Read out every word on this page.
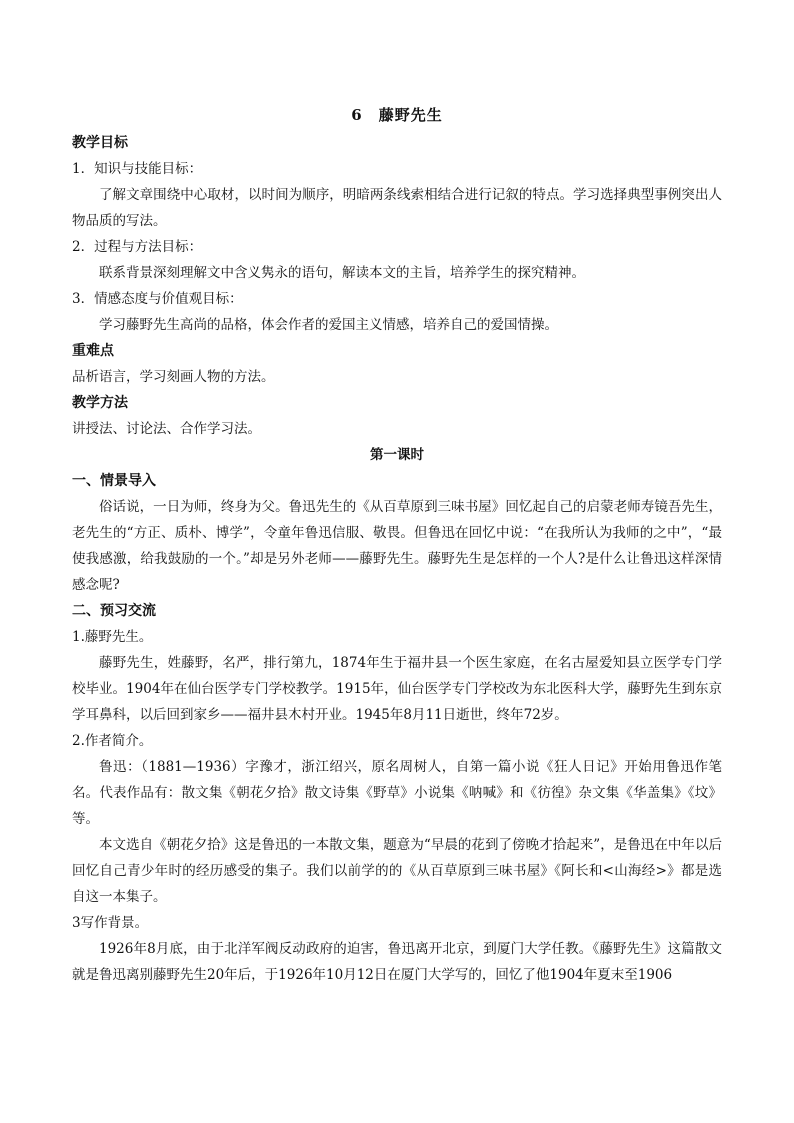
6　藤野先生
教学目标
1．知识与技能目标：

了解文章围绕中心取材，以时间为顺序，明暗两条线索相结合进行记叙的特点。学习选择典型事例突出人物品质的写法。

2．过程与方法目标：

联系背景深刻理解文中含义隽永的语句，解读本文的主旨，培养学生的探究精神。

3．情感态度与价值观目标：

学习藤野先生高尚的品格，体会作者的爱国主义情感，培养自己的爱国情操。

重难点

品析语言，学习刻画人物的方法。

教学方法

讲授法、讨论法、合作学习法。

第一课时
一、情景导入

俗话说，一日为师，终身为父。鲁迅先生的《从百草原到三味书屋》回忆起自己的启蒙老师寿镜吾先生，老先生的“方正、质朴、博学”，令童年鲁迅信服、敬畏。但鲁迅在回忆中说：“在我所认为我师的之中”，“最使我感激，给我鼓励的一个。”却是另外老师——藤野先生。藤野先生是怎样的一个人?是什么让鲁迅这样深情感念呢?

二、预习交流
1.藤野先生。

藤野先生，姓藤野，名严，排行第九，1874年生于福井县一个医生家庭，在名古屋爱知县立医学专门学校毕业。1904年在仙台医学专门学校教学。1915年，仙台医学专门学校改为东北医科大学，藤野先生到东京学耳鼻科，以后回到家乡——福井县木村开业。1945年8月11日逝世，终年72岁。

2.作者简介。

鲁迅：（1881—1936）字豫才，浙江绍兴，原名周树人，自第一篇小说《狂人日记》开始用鲁迅作笔名。代表作品有：散文集《朝花夕拾》散文诗集《野草》小说集《呐喊》和《彷徨》杂文集《华盖集》《坟》等。

本文选自《朝花夕拾》这是鲁迅的一本散文集，题意为“早晨的花到了傍晚才拾起来”，是鲁迅在中年以后回忆自己青少年时的经历感受的集子。我们以前学的的《从百草原到三味书屋》《阿长和<山海经>》都是选自这一本集子。

3写作背景。

1926年8月底，由于北洋军阀反动政府的迫害，鲁迅离开北京，到厦门大学任教。《藤野先生》这篇散文就是鲁迅离别藤野先生20年后，于1926年10月12日在厦门大学写的，回忆了他1904年夏末至1906
